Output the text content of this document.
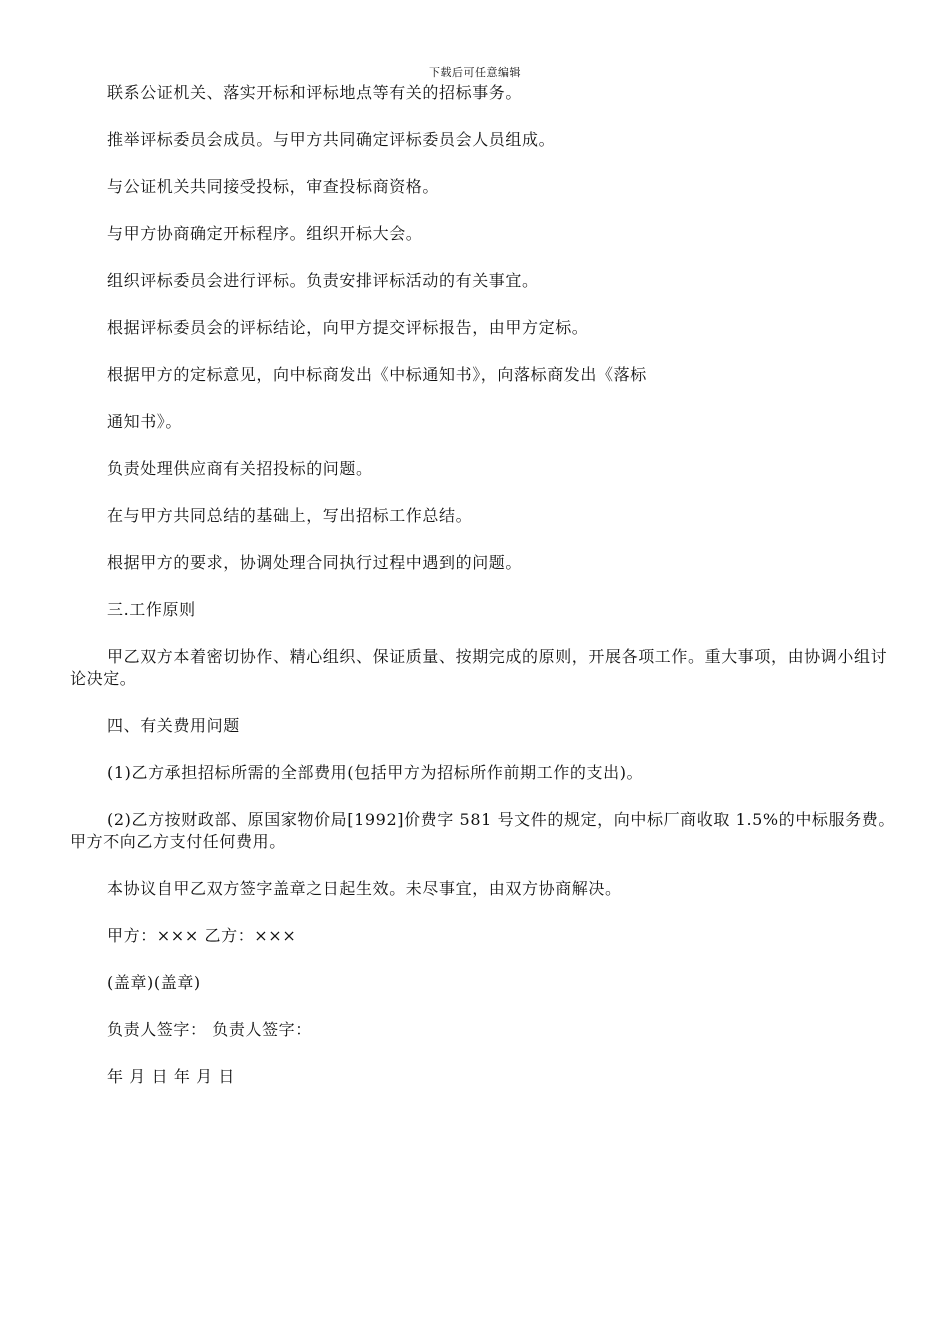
下载后可任意编辑

联系公证机关、落实开标和评标地点等有关的招标事务。

推举评标委员会成员。与甲方共同确定评标委员会人员组成。

与公证机关共同接受投标，审查投标商资格。

与甲方协商确定开标程序。组织开标大会。

组织评标委员会进行评标。负责安排评标活动的有关事宜。

根据评标委员会的评标结论，向甲方提交评标报告，由甲方定标。

根据甲方的定标意见，向中标商发出《中标通知书》，向落标商发出《落标

通知书》。

负责处理供应商有关招投标的问题。

在与甲方共同总结的基础上，写出招标工作总结。

根据甲方的要求，协调处理合同执行过程中遇到的问题。

三.工作原则

甲乙双方本着密切协作、精心组织、保证质量、按期完成的原则，开展各项工作。重大事项，由协调小组讨论决定。

四、有关费用问题

(1)乙方承担招标所需的全部费用(包括甲方为招标所作前期工作的支出)。

(2)乙方按财政部、原国家物价局[1992]价费字 581 号文件的规定，向中标厂商收取 1.5%的中标服务费。甲方不向乙方支付任何费用。

本协议自甲乙双方签字盖章之日起生效。未尽事宜，由双方协商解决。

甲方：××× 乙方：×××

(盖章)(盖章)

负责人签字： 负责人签字：

年 月 日 年 月 日
